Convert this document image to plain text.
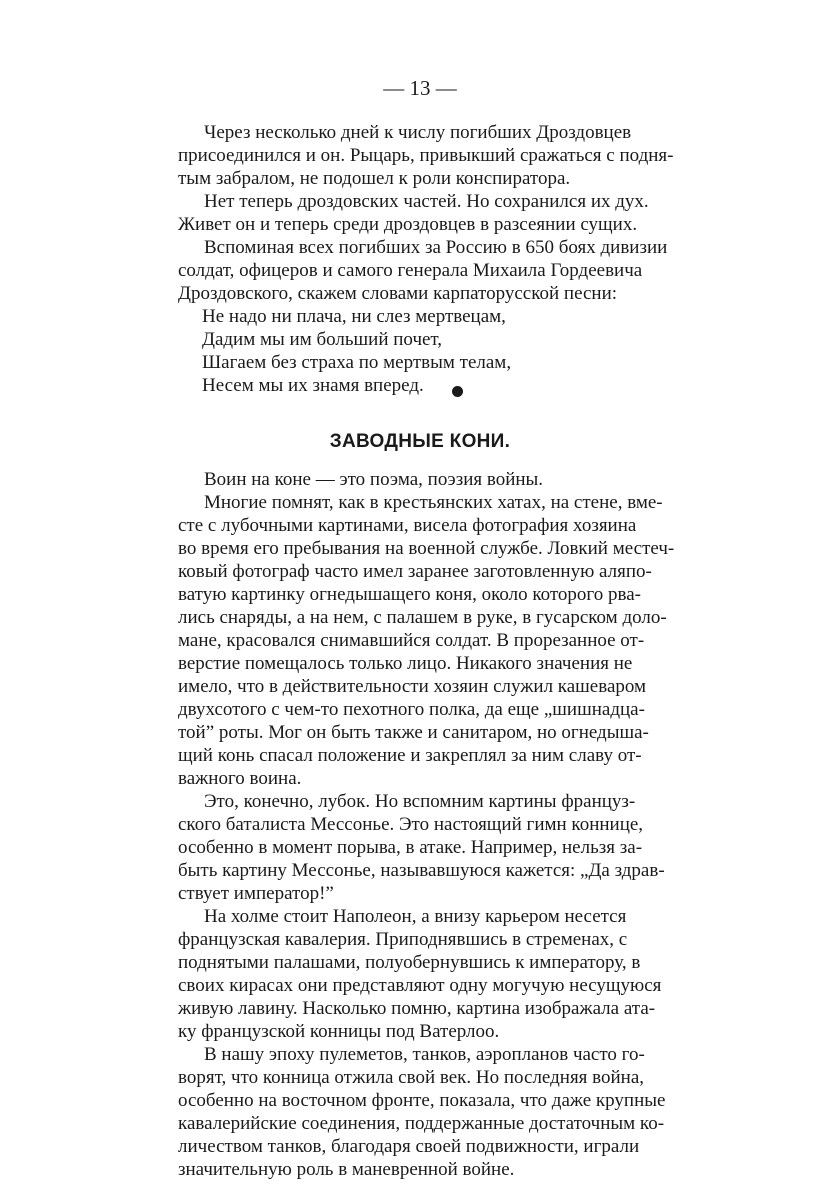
— 13 —
Через несколько дней к числу погибших Дроздовцев
присоединился и он. Рыцарь, привыкший сражаться с подня-
тым забралом, не подошел к роли конспиратора.
Нет теперь дроздовских частей. Но сохранился их дух.
Живет он и теперь среди дроздовцев в разсеянии сущих.
Вспоминая всех погибших за Россию в 650 боях дивизии
солдат, офицеров и самого генерала Михаила Гордеевича
Дроздовского, скажем словами карпаторусской песни:
Не надо ни плача, ни слез мертвецам,
Дадим мы им больший почет,
Шагаем без страха по мертвым телам,
Несем мы их знамя вперед.
ЗАВОДНЫЕ КОНИ.
Воин на коне — это поэма, поэзия войны.
Многие помнят, как в крестьянских хатах, на стене, вме-
сте с лубочными картинами, висела фотография хозяина
во время его пребывания на военной службе. Ловкий местеч-
ковый фотограф часто имел заранее заготовленную аляпо-
ватую картинку огнедышащего коня, около которого рва-
лись снаряды, а на нем, с палашем в руке, в гусарском доло-
мане, красовался снимавшийся солдат. В прорезанное от-
верстие помещалось только лицо. Никакого значения не
имело, что в действительности хозяин служил кашеваром
двухсотого с чем-то пехотного полка, да еще „шишнадца-
той” роты. Мог он быть также и санитаром, но огнедыша-
щий конь спасал положение и закреплял за ним славу от-
важного воина.
Это, конечно, лубок. Но вспомним картины француз-
ского баталиста Мессонье. Это настоящий гимн коннице,
особенно в момент порыва, в атаке. Например, нельзя за-
быть картину Мессонье, называвшуюся кажется: „Да здрав-
ствует император!”
На холме стоит Наполеон, а внизу карьером несется
французская кавалерия. Приподнявшись в стременах, с
поднятыми палашами, полуобернувшись к императору, в
своих кирасах они представляют одну могучую несущуюся
живую лавину. Насколько помню, картина изображала ата-
ку французской конницы под Ватерлоо.
В нашу эпоху пулеметов, танков, аэропланов часто го-
ворят, что конница отжила свой век. Но последняя война,
особенно на восточном фронте, показала, что даже крупные
кавалерийские соединения, поддержанные достаточным ко-
личеством танков, благодаря своей подвижности, играли
значительную роль в маневренной войне.
